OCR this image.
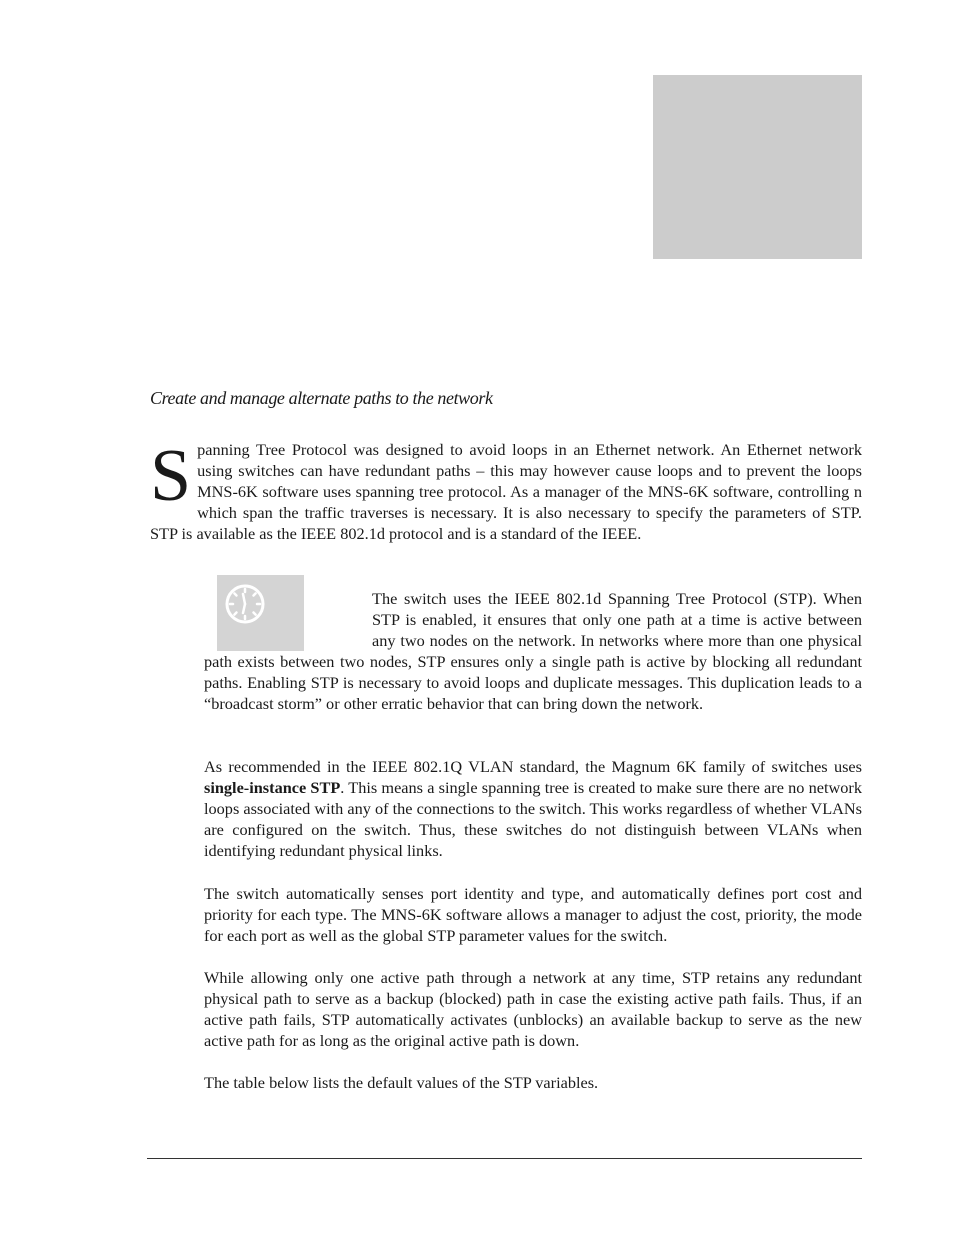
Create and manage alternate paths to the network

Spanning Tree Protocol was designed to avoid loops in an Ethernet network. An Ethernet network using switches can have redundant paths – this may however cause loops and to prevent the loops MNS-6K software uses spanning tree protocol. As a manager of the MNS-6K software, controlling n which span the traffic traverses is necessary. It is also necessary to specify the parameters of STP. STP is available as the IEEE 802.1d protocol and is a standard of the IEEE.

The switch uses the IEEE 802.1d Spanning Tree Protocol (STP). When STP is enabled, it ensures that only one path at a time is active between any two nodes on the network. In networks where more than one physical path exists between two nodes, STP ensures only a single path is active by blocking all redundant paths. Enabling STP is necessary to avoid loops and duplicate messages. This duplication leads to a “broadcast storm” or other erratic behavior that can bring down the network.

As recommended in the IEEE 802.1Q VLAN standard, the Magnum 6K family of switches uses single-instance STP. This means a single spanning tree is created to make sure there are no network loops associated with any of the connections to the switch. This works regardless of whether VLANs are configured on the switch. Thus, these switches do not distinguish between VLANs when identifying redundant physical links.

The switch automatically senses port identity and type, and automatically defines port cost and priority for each type. The MNS-6K software allows a manager to adjust the cost, priority, the mode for each port as well as the global STP parameter values for the switch.

While allowing only one active path through a network at any time, STP retains any redundant physical path to serve as a backup (blocked) path in case the existing active path fails. Thus, if an active path fails, STP automatically activates (unblocks) an available backup to serve as the new active path for as long as the original active path is down.

The table below lists the default values of the STP variables.
